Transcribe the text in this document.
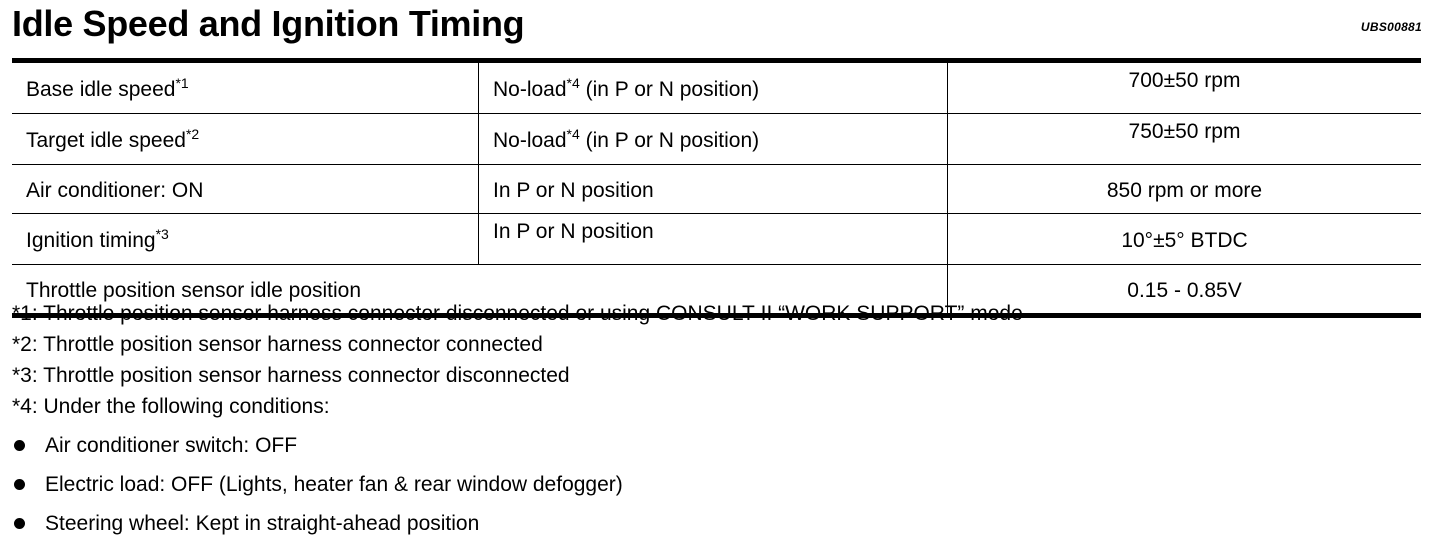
Idle Speed and Ignition Timing	UBS00881
Base idle speed$^{*1}$	No-load$^{*4}$ (in P or N position)	700±50 rpm
Target idle speed$^{*2}$	No-load$^{*4}$ (in P or N position)	750±50 rpm
Air conditioner: ON	In P or N position	850 rpm or more
Ignition timing$^{*3}$	In P or N position	10°±5° BTDC
Throttle position sensor idle position		0.15 - 0.85V
*1: Throttle position sensor harness connector disconnected or using CONSULT-II “WORK SUPPORT” mode
*2: Throttle position sensor harness connector connected
*3: Throttle position sensor harness connector disconnected
*4: Under the following conditions:
Air conditioner switch: OFF
Electric load: OFF (Lights, heater fan & rear window defogger)
Steering wheel: Kept in straight-ahead position
